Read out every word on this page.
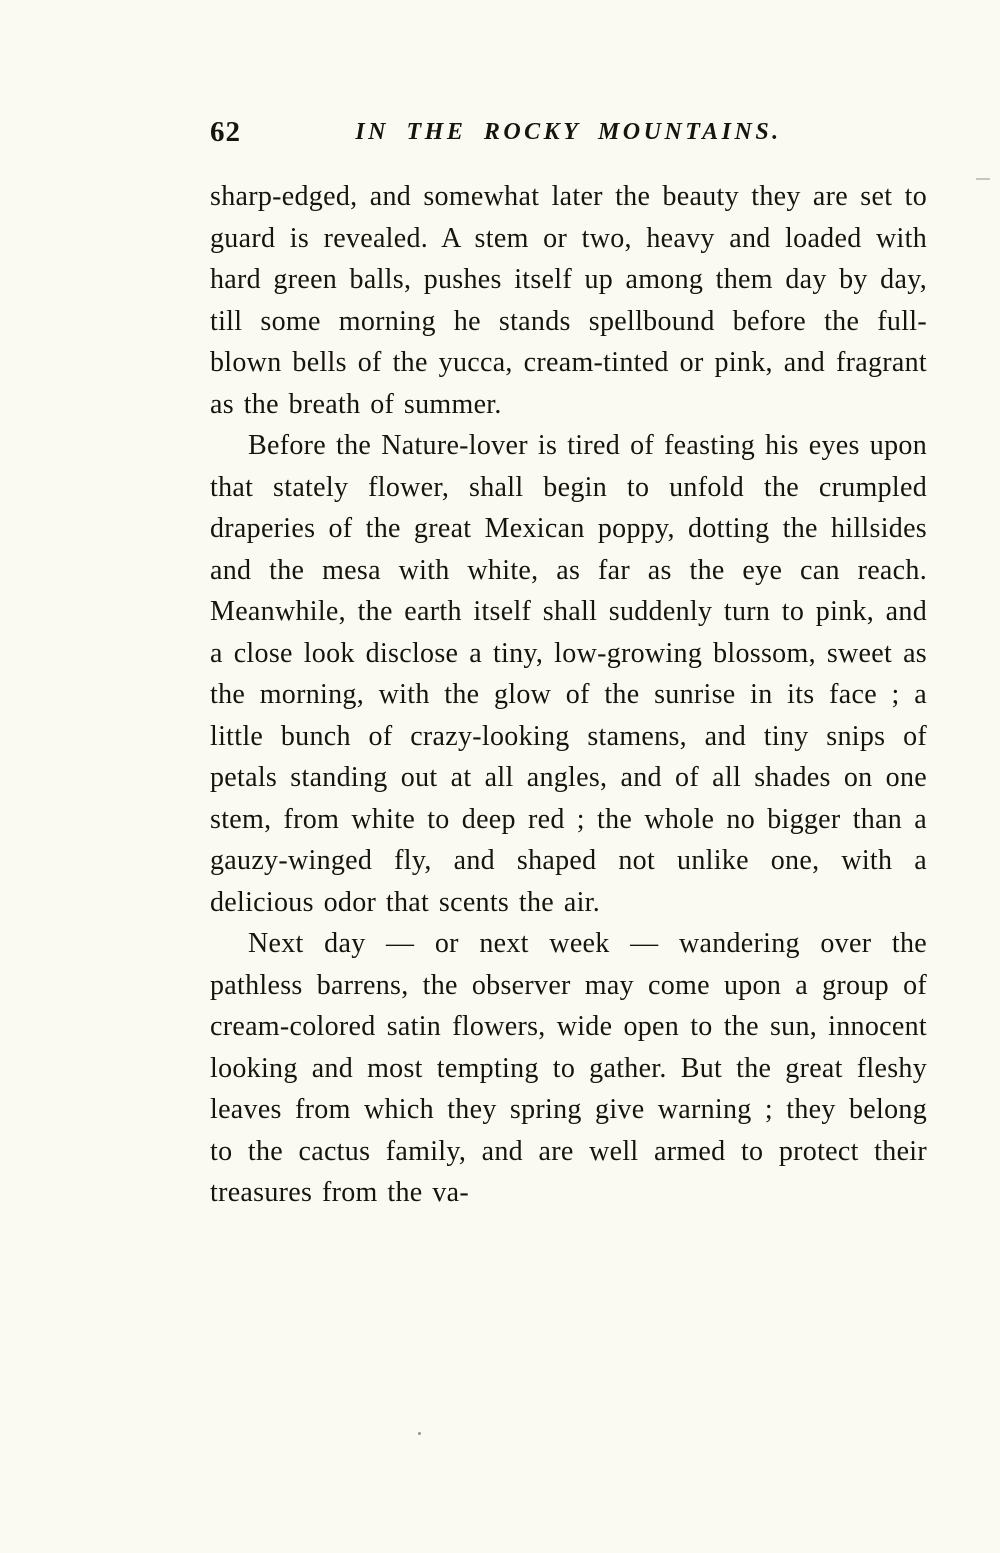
62	IN THE ROCKY MOUNTAINS.

sharp-edged, and somewhat later the beauty they are set to guard is revealed. A stem or two, heavy and loaded with hard green balls, pushes itself up among them day by day, till some morning he stands spellbound before the full-blown bells of the yucca, cream-tinted or pink, and fragrant as the breath of summer.

Before the Nature-lover is tired of feasting his eyes upon that stately flower, shall begin to unfold the crumpled draperies of the great Mexican poppy, dotting the hillsides and the mesa with white, as far as the eye can reach. Meanwhile, the earth itself shall suddenly turn to pink, and a close look disclose a tiny, low-growing blossom, sweet as the morning, with the glow of the sunrise in its face ; a little bunch of crazy-looking stamens, and tiny snips of petals standing out at all angles, and of all shades on one stem, from white to deep red ; the whole no bigger than a gauzy-winged fly, and shaped not unlike one, with a delicious odor that scents the air.

Next day — or next week — wandering over the pathless barrens, the observer may come upon a group of cream-colored satin flowers, wide open to the sun, innocent looking and most tempting to gather. But the great fleshy leaves from which they spring give warning ; they belong to the cactus family, and are well armed to protect their treasures from the va-
